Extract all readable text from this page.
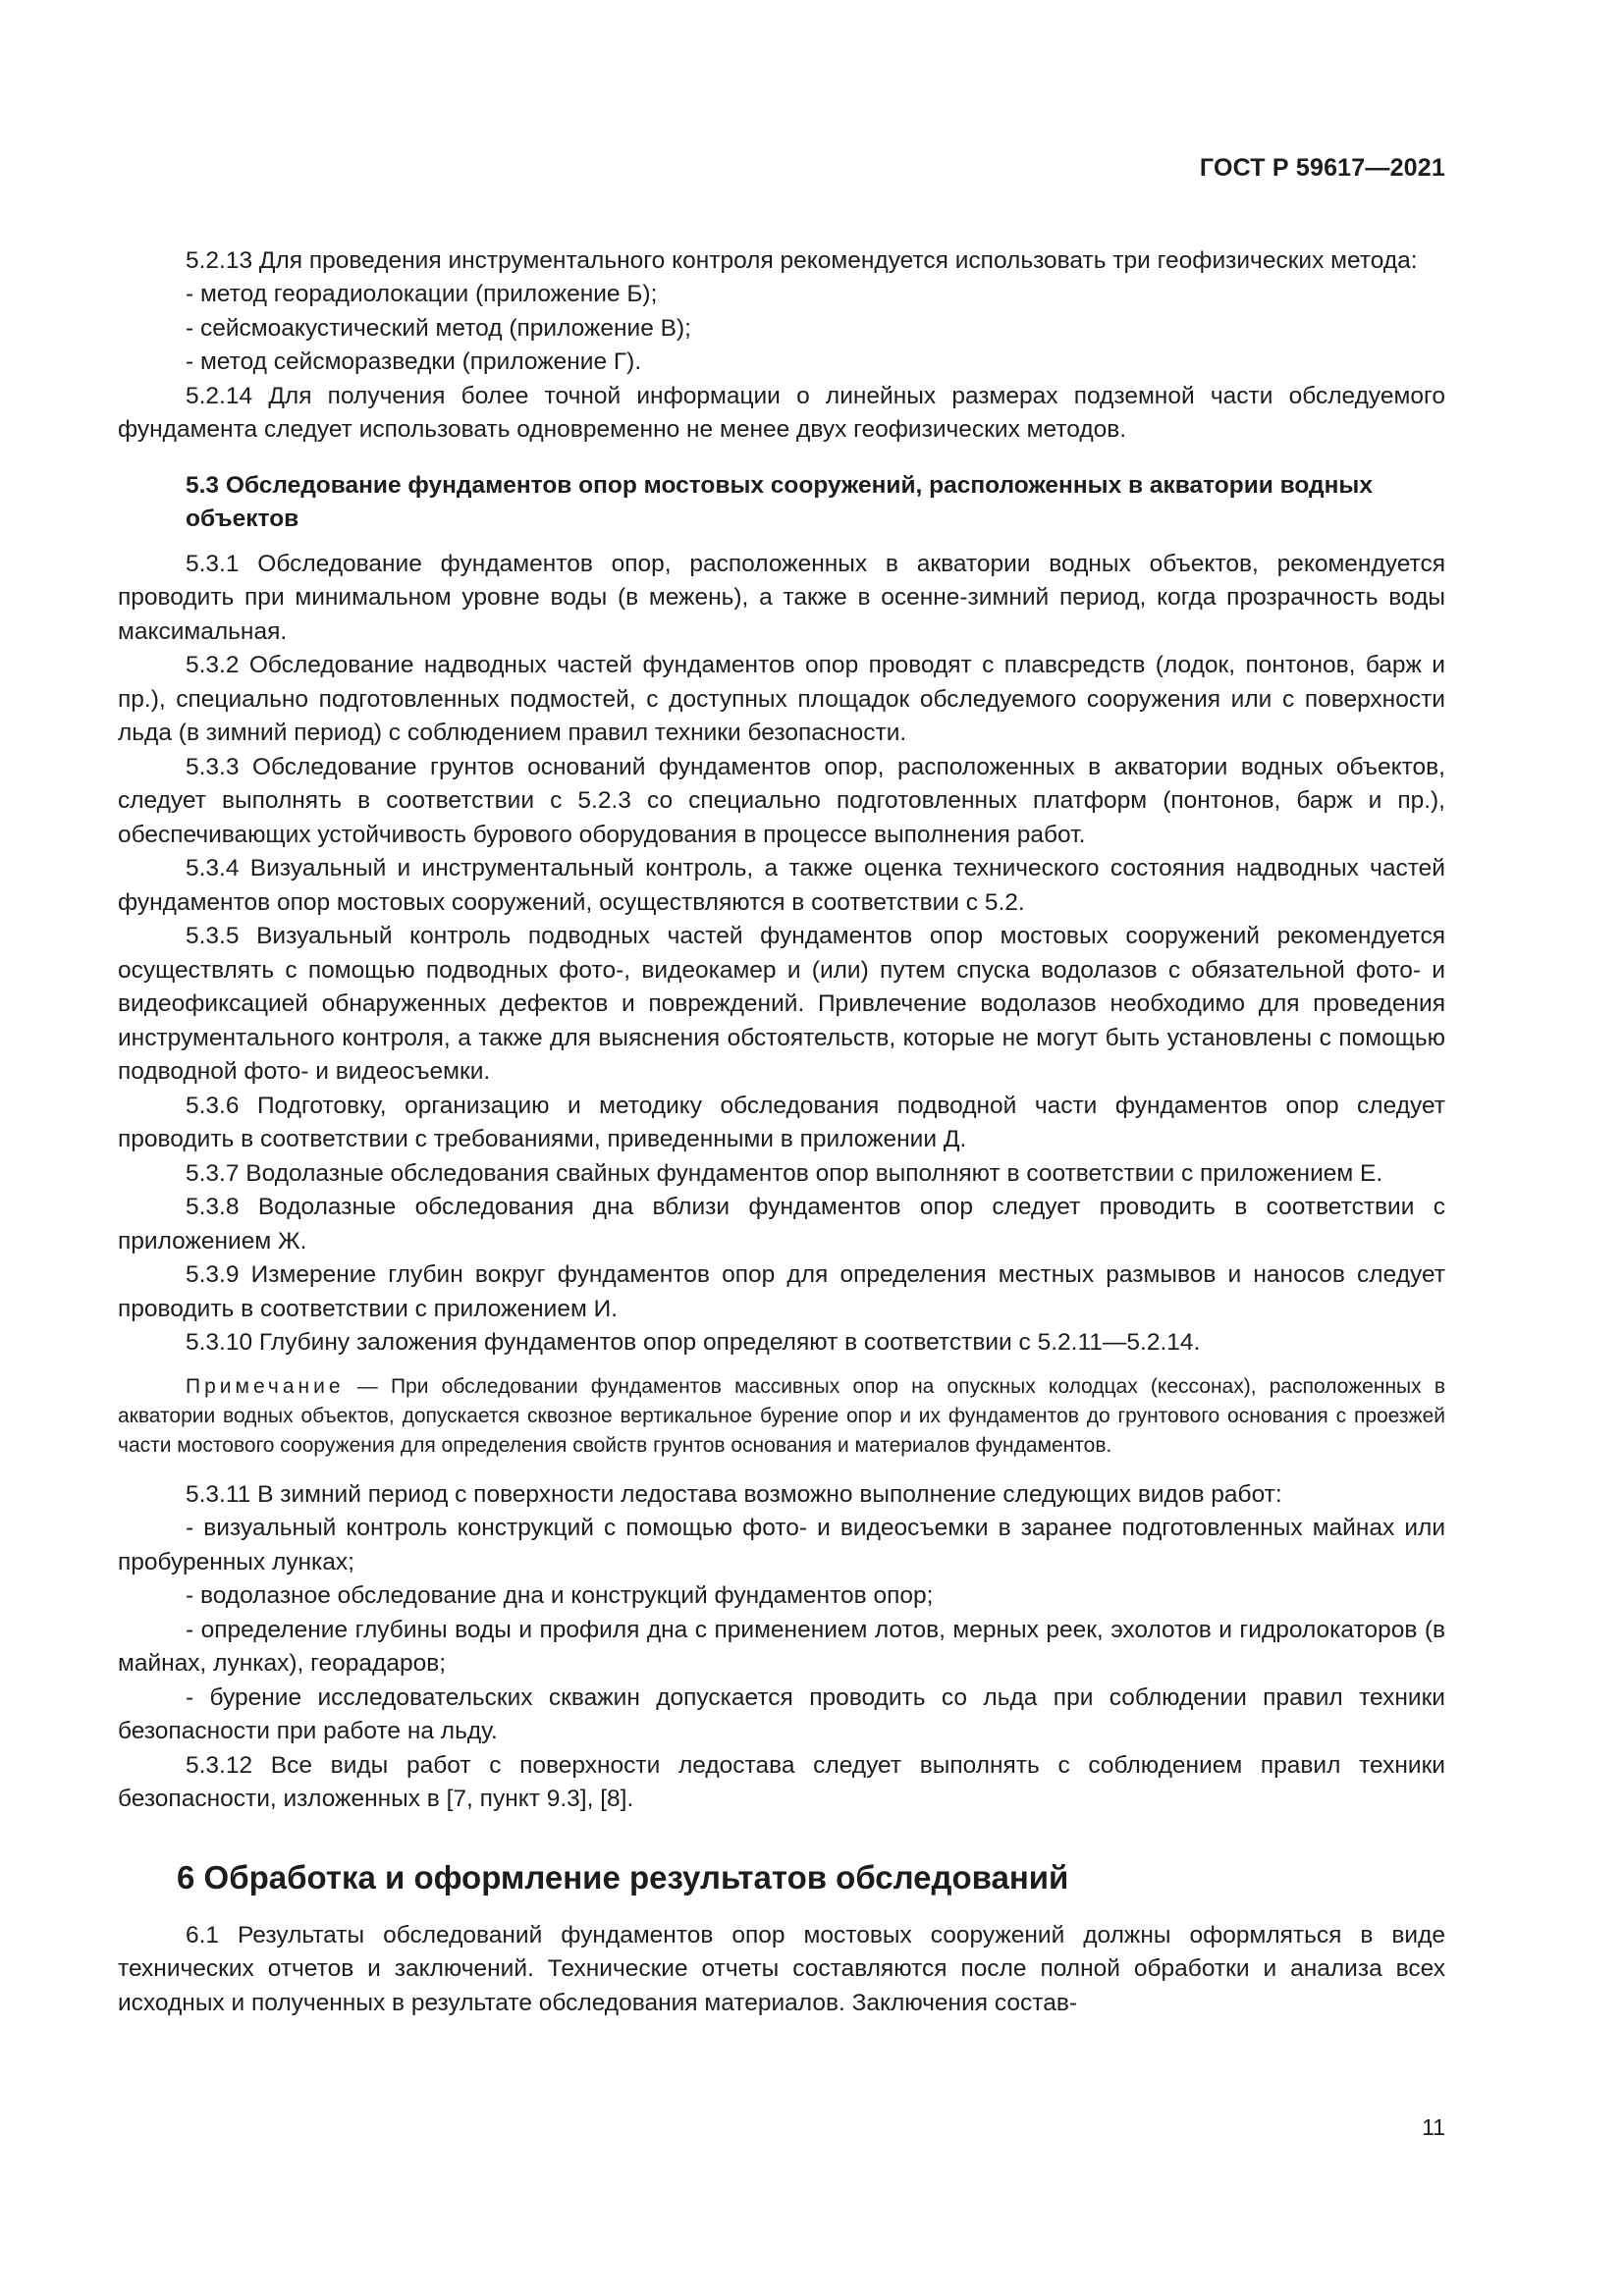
ГОСТ Р 59617—2021

5.2.13 Для проведения инструментального контроля рекомендуется использовать три геофизических метода:

- метод георадиолокации (приложение Б);

- сейсмоакустический метод (приложение В);

- метод сейсморазведки (приложение Г).

5.2.14 Для получения более точной информации о линейных размерах подземной части обследуемого фундамента следует использовать одновременно не менее двух геофизических методов.

5.3 Обследование фундаментов опор мостовых сооружений, расположенных в акватории водных объектов

5.3.1 Обследование фундаментов опор, расположенных в акватории водных объектов, рекомендуется проводить при минимальном уровне воды (в межень), а также в осенне-зимний период, когда прозрачность воды максимальная.

5.3.2 Обследование надводных частей фундаментов опор проводят с плавсредств (лодок, понтонов, барж и пр.), специально подготовленных подмостей, с доступных площадок обследуемого сооружения или с поверхности льда (в зимний период) с соблюдением правил техники безопасности.

5.3.3 Обследование грунтов оснований фундаментов опор, расположенных в акватории водных объектов, следует выполнять в соответствии с 5.2.3 со специально подготовленных платформ (понтонов, барж и пр.), обеспечивающих устойчивость бурового оборудования в процессе выполнения работ.

5.3.4 Визуальный и инструментальный контроль, а также оценка технического состояния надводных частей фундаментов опор мостовых сооружений, осуществляются в соответствии с 5.2.

5.3.5 Визуальный контроль подводных частей фундаментов опор мостовых сооружений рекомендуется осуществлять с помощью подводных фото-, видеокамер и (или) путем спуска водолазов с обязательной фото- и видеофиксацией обнаруженных дефектов и повреждений. Привлечение водолазов необходимо для проведения инструментального контроля, а также для выяснения обстоятельств, которые не могут быть установлены с помощью подводной фото- и видеосъемки.

5.3.6 Подготовку, организацию и методику обследования подводной части фундаментов опор следует проводить в соответствии с требованиями, приведенными в приложении Д.

5.3.7 Водолазные обследования свайных фундаментов опор выполняют в соответствии с приложением Е.

5.3.8 Водолазные обследования дна вблизи фундаментов опор следует проводить в соответствии с приложением Ж.

5.3.9 Измерение глубин вокруг фундаментов опор для определения местных размывов и наносов следует проводить в соответствии с приложением И.

5.3.10 Глубину заложения фундаментов опор определяют в соответствии с 5.2.11—5.2.14.

Примечание — При обследовании фундаментов массивных опор на опускных колодцах (кессонах), расположенных в акватории водных объектов, допускается сквозное вертикальное бурение опор и их фундаментов до грунтового основания с проезжей части мостового сооружения для определения свойств грунтов основания и материалов фундаментов.

5.3.11 В зимний период с поверхности ледостава возможно выполнение следующих видов работ:

- визуальный контроль конструкций с помощью фото- и видеосъемки в заранее подготовленных майнах или пробуренных лунках;

- водолазное обследование дна и конструкций фундаментов опор;

- определение глубины воды и профиля дна с применением лотов, мерных реек, эхолотов и гидролокаторов (в майнах, лунках), георадаров;

- бурение исследовательских скважин допускается проводить со льда при соблюдении правил техники безопасности при работе на льду.

5.3.12 Все виды работ с поверхности ледостава следует выполнять с соблюдением правил техники безопасности, изложенных в [7, пункт 9.3], [8].

6 Обработка и оформление результатов обследований

6.1 Результаты обследований фундаментов опор мостовых сооружений должны оформляться в виде технических отчетов и заключений. Технические отчеты составляются после полной обработки и анализа всех исходных и полученных в результате обследования материалов. Заключения состав-

11
